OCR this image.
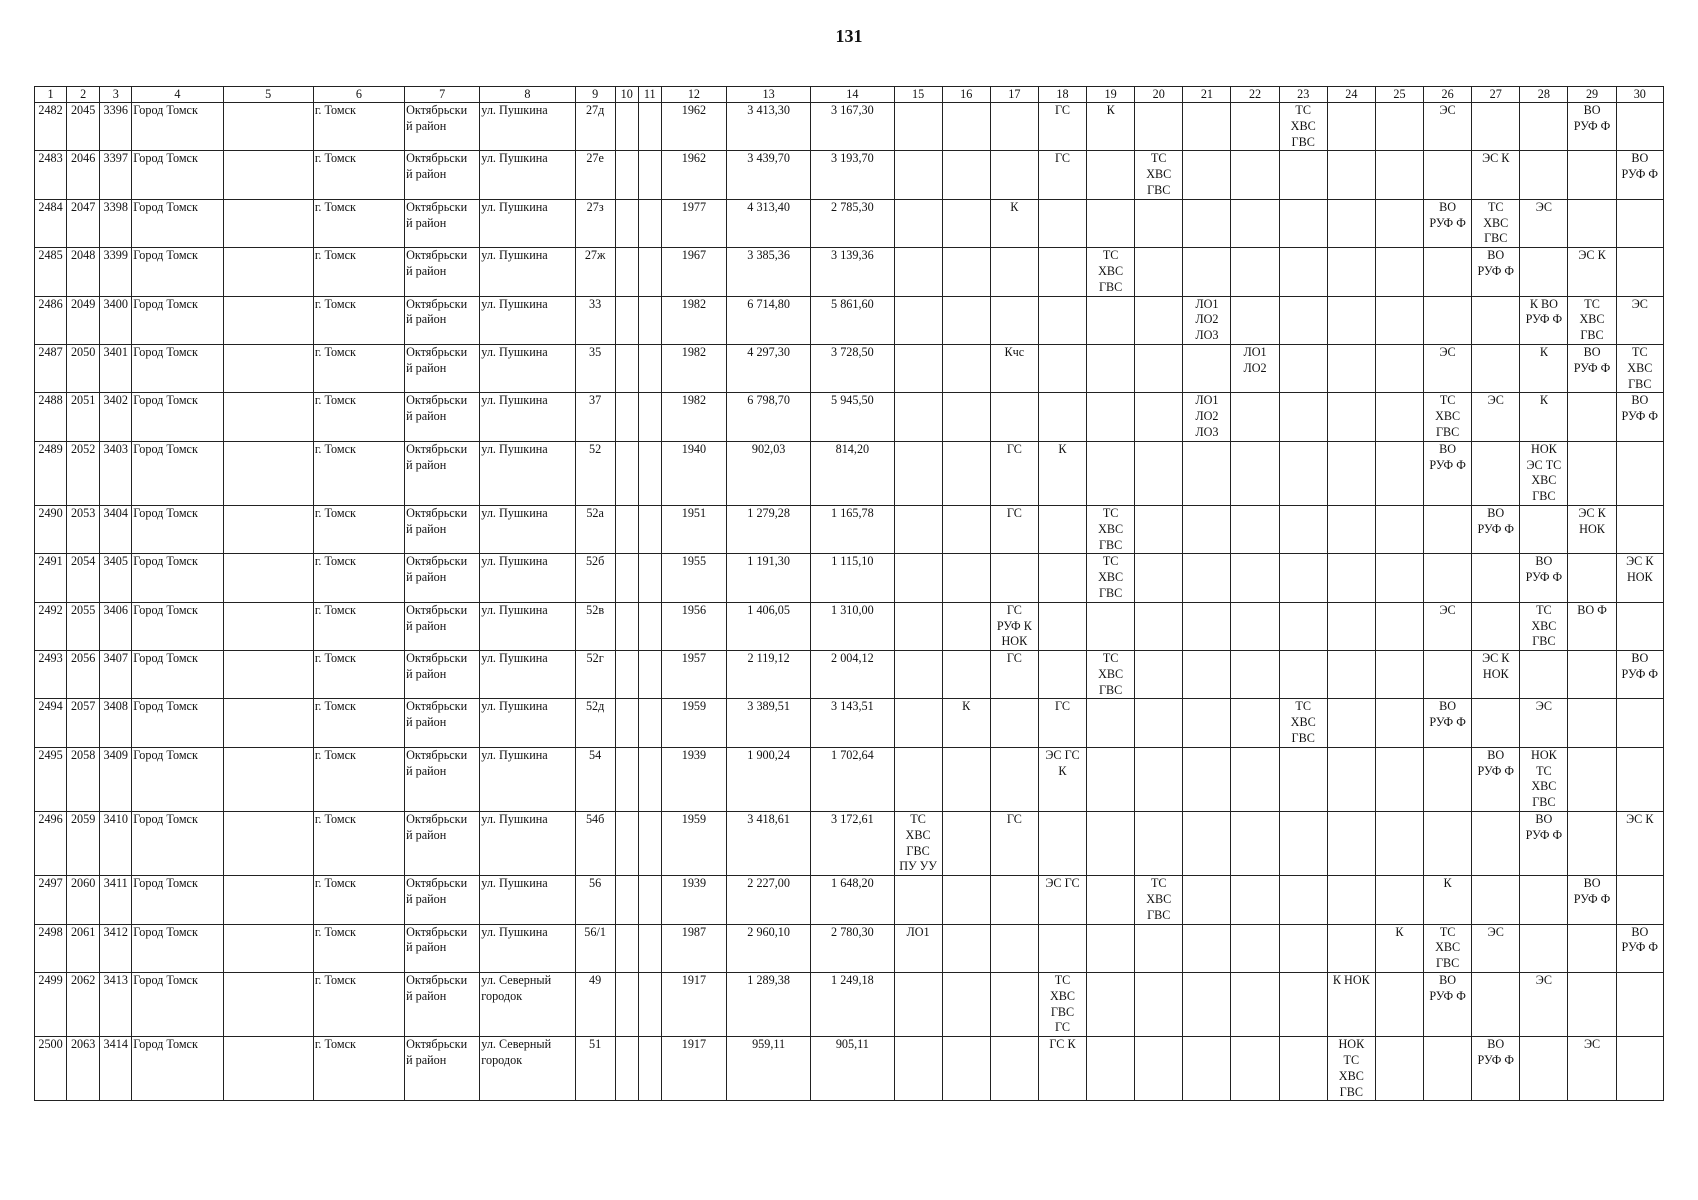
131
1	2	3	4	5	6	7	8	9	10	11	12	13	14	15	16	17	18	19	20	21	22	23	24	25	26	27	28	29	30
2482	2045	3396	Город Томск		г. Томск	Октябрьски
й район	ул. Пушкина	27д			1962	3 413,30	3 167,30				ГС	К				ТС
ХВС
ГВС			ЭС			ВО
РУФ Ф	
2483	2046	3397	Город Томск		г. Томск	Октябрьски
й район	ул. Пушкина	27е			1962	3 439,70	3 193,70				ГС		ТС
ХВС
ГВС							ЭС К			ВО
РУФ Ф
2484	2047	3398	Город Томск		г. Томск	Октябрьски
й район	ул. Пушкина	27з			1977	4 313,40	2 785,30			К									ВО
РУФ Ф	ТС
ХВС
ГВС	ЭС		
2485	2048	3399	Город Томск		г. Томск	Октябрьски
й район	ул. Пушкина	27ж			1967	3 385,36	3 139,36					ТС
ХВС
ГВС								ВО
РУФ Ф		ЭС К	
2486	2049	3400	Город Томск		г. Томск	Октябрьски
й район	ул. Пушкина	33			1982	6 714,80	5 861,60							ЛО1
ЛО2
ЛО3							К ВО
РУФ Ф	ТС
ХВС
ГВС	ЭС
2487	2050	3401	Город Томск		г. Томск	Октябрьски
й район	ул. Пушкина	35			1982	4 297,30	3 728,50			Кчс					ЛО1
ЛО2				ЭС		К	ВО
РУФ Ф	ТС
ХВС
ГВС
2488	2051	3402	Город Томск		г. Томск	Октябрьски
й район	ул. Пушкина	37			1982	6 798,70	5 945,50							ЛО1
ЛО2
ЛО3					ТС
ХВС
ГВС	ЭС	К		ВО
РУФ Ф
2489	2052	3403	Город Томск		г. Томск	Октябрьски
й район	ул. Пушкина	52			1940	902,03	814,20			ГС	К								ВО
РУФ Ф		НОК
ЭС ТС
ХВС
ГВС		
2490	2053	3404	Город Томск		г. Томск	Октябрьски
й район	ул. Пушкина	52а			1951	1 279,28	1 165,78			ГС		ТС
ХВС
ГВС								ВО
РУФ Ф		ЭС К
НОК	
2491	2054	3405	Город Томск		г. Томск	Октябрьски
й район	ул. Пушкина	52б			1955	1 191,30	1 115,10					ТС
ХВС
ГВС									ВО
РУФ Ф		ЭС К
НОК
2492	2055	3406	Город Томск		г. Томск	Октябрьски
й район	ул. Пушкина	52в			1956	1 406,05	1 310,00			ГС
РУФ К
НОК									ЭС		ТС
ХВС
ГВС	ВО Ф	
2493	2056	3407	Город Томск		г. Томск	Октябрьски
й район	ул. Пушкина	52г			1957	2 119,12	2 004,12			ГС		ТС
ХВС
ГВС								ЭС К
НОК			ВО
РУФ Ф
2494	2057	3408	Город Томск		г. Томск	Октябрьски
й район	ул. Пушкина	52д			1959	3 389,51	3 143,51		К		ГС					ТС
ХВС
ГВС			ВО
РУФ Ф		ЭС		
2495	2058	3409	Город Томск		г. Томск	Октябрьски
й район	ул. Пушкина	54			1939	1 900,24	1 702,64				ЭС ГС
К									ВО
РУФ Ф	НОК
ТС
ХВС
ГВС		
2496	2059	3410	Город Томск		г. Томск	Октябрьски
й район	ул. Пушкина	54б			1959	3 418,61	3 172,61	ТС
ХВС
ГВС
ПУ УУ		ГС											ВО
РУФ Ф		ЭС К
2497	2060	3411	Город Томск		г. Томск	Октябрьски
й район	ул. Пушкина	56			1939	2 227,00	1 648,20				ЭС ГС		ТС
ХВС
ГВС						К			ВО
РУФ Ф	
2498	2061	3412	Город Томск		г. Томск	Октябрьски
й район	ул. Пушкина	56/1			1987	2 960,10	2 780,30	ЛО1										К	ТС
ХВС
ГВС	ЭС			ВО
РУФ Ф
2499	2062	3413	Город Томск		г. Томск	Октябрьски
й район	ул. Северный
городок	49			1917	1 289,38	1 249,18				ТС
ХВС
ГВС
ГС						К НОК		ВО
РУФ Ф		ЭС		
2500	2063	3414	Город Томск		г. Томск	Октябрьски
й район	ул. Северный
городок	51			1917	959,11	905,11				ГС К						НОК
ТС
ХВС
ГВС			ВО
РУФ Ф		ЭС	
